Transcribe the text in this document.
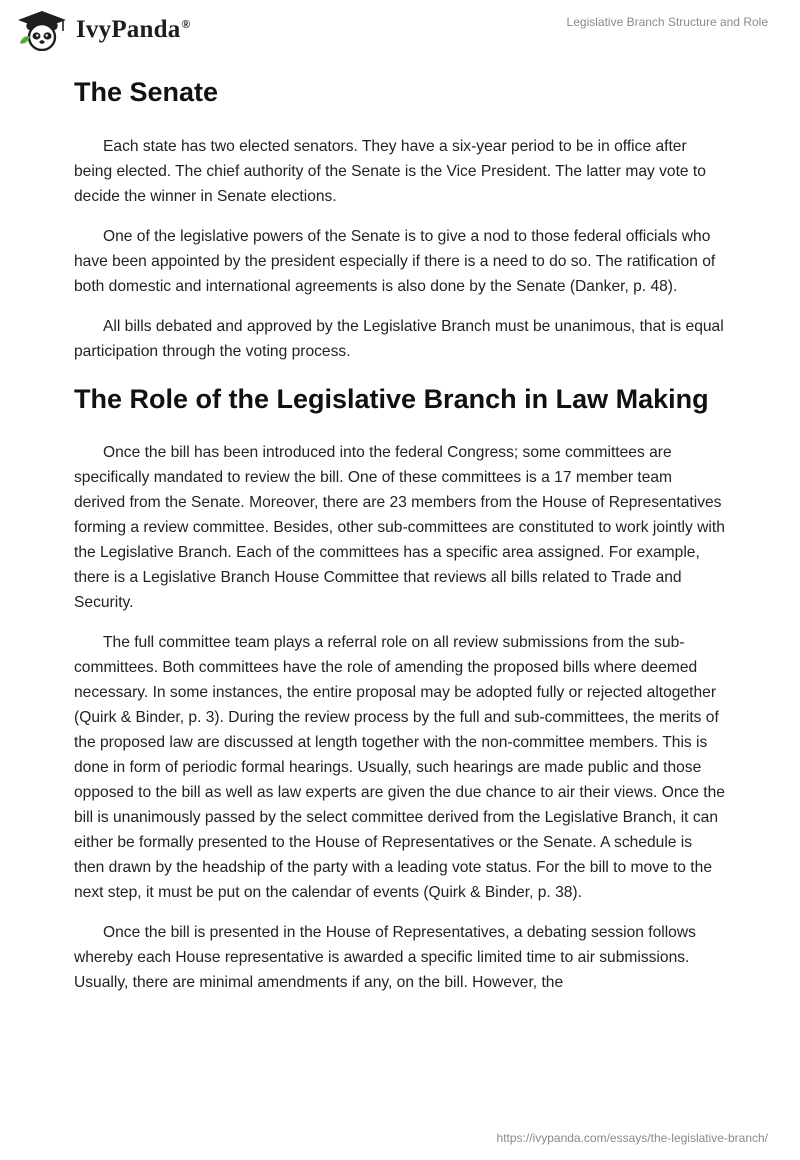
IvyPanda®	Legislative Branch Structure and Role
The Senate

Each state has two elected senators. They have a six-year period to be in office after being elected. The chief authority of the Senate is the Vice President. The latter may vote to decide the winner in Senate elections.

One of the legislative powers of the Senate is to give a nod to those federal officials who have been appointed by the president especially if there is a need to do so. The ratification of both domestic and international agreements is also done by the Senate (Danker, p. 48).

All bills debated and approved by the Legislative Branch must be unanimous, that is equal participation through the voting process.

The Role of the Legislative Branch in Law Making

Once the bill has been introduced into the federal Congress; some committees are specifically mandated to review the bill. One of these committees is a 17 member team derived from the Senate. Moreover, there are 23 members from the House of Representatives forming a review committee. Besides, other sub-committees are constituted to work jointly with the Legislative Branch. Each of the committees has a specific area assigned. For example, there is a Legislative Branch House Committee that reviews all bills related to Trade and Security.

The full committee team plays a referral role on all review submissions from the sub-committees. Both committees have the role of amending the proposed bills where deemed necessary. In some instances, the entire proposal may be adopted fully or rejected altogether (Quirk & Binder, p. 3). During the review process by the full and sub-committees, the merits of the proposed law are discussed at length together with the non-committee members. This is done in form of periodic formal hearings. Usually, such hearings are made public and those opposed to the bill as well as law experts are given the due chance to air their views. Once the bill is unanimously passed by the select committee derived from the Legislative Branch, it can either be formally presented to the House of Representatives or the Senate. A schedule is then drawn by the headship of the party with a leading vote status. For the bill to move to the next step, it must be put on the calendar of events (Quirk & Binder, p. 38).

Once the bill is presented in the House of Representatives, a debating session follows whereby each House representative is awarded a specific limited time to air submissions. Usually, there are minimal amendments if any, on the bill. However, the

https://ivypanda.com/essays/the-legislative-branch/
